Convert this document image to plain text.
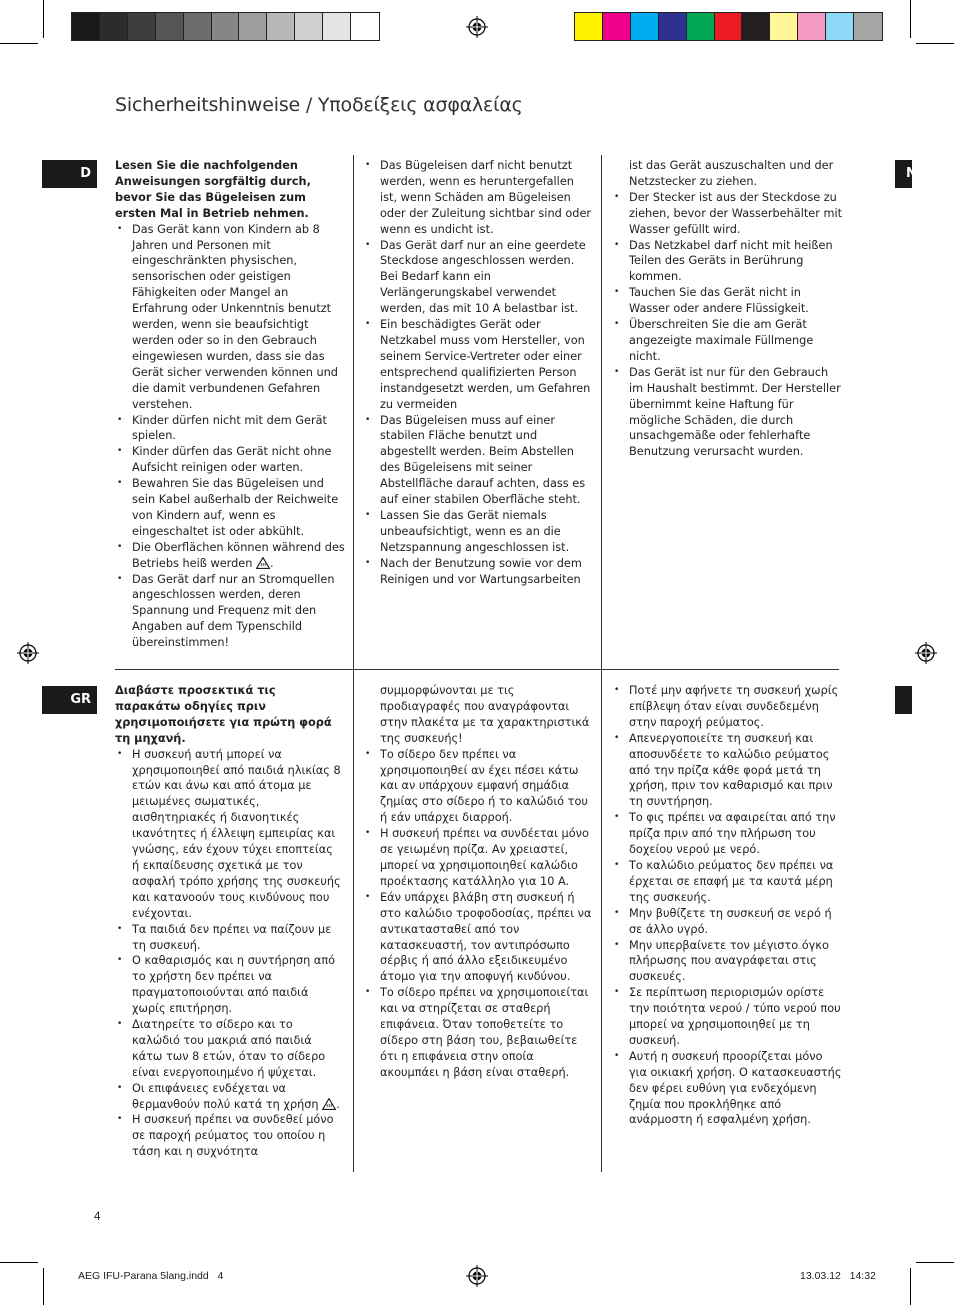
Sicherheitshinweise / Υποδείξεις ασφαλείας
D	N
GR

Lesen Sie die nachfolgenden Anweisungen sorgfältig durch, bevor Sie das Bügeleisen zum ersten Mal in Betrieb nehmen.

• Das Gerät kann von Kindern ab 8 Jahren und Personen mit eingeschränkten physischen, sensorischen oder geistigen Fähigkeiten oder Mangel an Erfahrung oder Unkenntnis benutzt werden, wenn sie beaufsichtigt werden oder so in den Gebrauch eingewiesen wurden, dass sie das Gerät sicher verwenden können und die damit verbundenen Gefahren verstehen.
• Kinder dürfen nicht mit dem Gerät spielen.
• Kinder dürfen das Gerät nicht ohne Aufsicht reinigen oder warten.
• Bewahren Sie das Bügeleisen und sein Kabel außerhalb der Reichweite von Kindern auf, wenn es eingeschaltet ist oder abkühlt.
• Die Oberflächen können während des Betriebs heiß werden .
• Das Gerät darf nur an Stromquellen angeschlossen werden, deren Spannung und Frequenz mit den Angaben auf dem Typenschild übereinstimmen!
• Das Bügeleisen darf nicht benutzt werden, wenn es heruntergefallen ist, wenn Schäden am Bügeleisen oder der Zuleitung sichtbar sind oder wenn es undicht ist.
• Das Gerät darf nur an eine geerdete Steckdose angeschlossen werden. Bei Bedarf kann ein Verlängerungskabel verwendet werden, das mit 10 A belastbar ist.
• Ein beschädigtes Gerät oder Netzkabel muss vom Hersteller, von seinem Service-Vertreter oder einer entsprechend qualifizierten Person instandgesetzt werden, um Gefahren zu vermeiden
• Das Bügeleisen muss auf einer stabilen Fläche benutzt und abgestellt werden. Beim Abstellen des Bügeleisens mit seiner Abstellfläche darauf achten, dass es auf einer stabilen Oberfläche steht.
• Lassen Sie das Gerät niemals unbeaufsichtigt, wenn es an die Netzspannung angeschlossen ist.
• Nach der Benutzung sowie vor dem Reinigen und vor Wartungsarbeiten
ist das Gerät auszuschalten und der Netzstecker zu ziehen.
• Der Stecker ist aus der Steckdose zu ziehen, bevor der Wasserbehälter mit Wasser gefüllt wird.
• Das Netzkabel darf nicht mit heißen Teilen des Geräts in Berührung kommen.
• Tauchen Sie das Gerät nicht in Wasser oder andere Flüssigkeit.
• Überschreiten Sie die am Gerät angezeigte maximale Füllmenge nicht.
• Das Gerät ist nur für den Gebrauch im Haushalt bestimmt. Der Hersteller übernimmt keine Haftung für mögliche Schäden, die durch unsachgemäße oder fehlerhafte Benutzung verursacht wurden.

Διαβάστε προσεκτικά τις παρακάτω οδηγίες πριν χρησιμοποιήσετε για πρώτη φορά τη μηχανή.

• Η συσκευή αυτή μπορεί να χρησιμοποιηθεί από παιδιά ηλικίας 8 ετών και άνω και από άτομα με μειωμένες σωματικές, αισθητηριακές ή διανοητικές ικανότητες ή έλλειψη εμπειρίας και γνώσης, εάν έχουν τύχει εποπτείας ή εκπαίδευσης σχετικά με τον ασφαλή τρόπο χρήσης της συσκευής και κατανοούν τους κινδύνους που ενέχονται.
• Τα παιδιά δεν πρέπει να παίζουν με τη συσκευή.
• Ο καθαρισμός και η συντήρηση από το χρήστη δεν πρέπει να πραγματοποιούνται από παιδιά χωρίς επιτήρηση.
• Διατηρείτε το σίδερο και το καλώδιό του μακριά από παιδιά κάτω των 8 ετών, όταν το σίδερο είναι ενεργοποιημένο ή ψύχεται.
• Οι επιφάνειες ενδέχεται να θερμανθούν πολύ κατά τη χρήση .
• Η συσκευή πρέπει να συνδεθεί μόνο σε παροχή ρεύματος του οποίου η τάση και η συχνότητα
συμμορφώνονται με τις προδιαγραφές που αναγράφονται στην πλακέτα με τα χαρακτηριστικά της συσκευής!
• Το σίδερο δεν πρέπει να χρησιμοποιηθεί αν έχει πέσει κάτω και αν υπάρχουν εμφανή σημάδια ζημίας στο σίδερο ή το καλώδιό του ή εάν υπάρχει διαρροή.
• Η συσκευή πρέπει να συνδέεται μόνο σε γειωμένη πρίζα. Αν χρειαστεί, μπορεί να χρησιμοποιηθεί καλώδιο προέκτασης κατάλληλο για 10 A.
• Εάν υπάρχει βλάβη στη συσκευή ή στο καλώδιο τροφοδοσίας, πρέπει να αντικατασταθεί από τον κατασκευαστή, τον αντιπρόσωπο σέρβις ή από άλλο εξειδικευμένο άτομο για την αποφυγή κινδύνου.
• Το σίδερο πρέπει να χρησιμοποιείται και να στηρίζεται σε σταθερή επιφάνεια. Όταν τοποθετείτε το σίδερο στη βάση του, βεβαιωθείτε ότι η επιφάνεια στην οποία ακουμπάει η βάση είναι σταθερή.
• Ποτέ μην αφήνετε τη συσκευή χωρίς επίβλεψη όταν είναι συνδεδεμένη στην παροχή ρεύματος.
• Απενεργοποιείτε τη συσκευή και αποσυνδέετε το καλώδιο ρεύματος από την πρίζα κάθε φορά μετά τη χρήση, πριν τον καθαρισμό και πριν τη συντήρηση.
• Το φις πρέπει να αφαιρείται από την πρίζα πριν από την πλήρωση του δοχείου νερού με νερό.
• Το καλώδιο ρεύματος δεν πρέπει να έρχεται σε επαφή με τα καυτά μέρη της συσκευής.
• Μην βυθίζετε τη συσκευή σε νερό ή σε άλλο υγρό.
• Μην υπερβαίνετε τον μέγιστο όγκο πλήρωσης που αναγράφεται στις συσκευές.
• Σε περίπτωση περιορισμών ορίστε την ποιότητα νερού / τύπο νερού που μπορεί να χρησιμοποιηθεί με τη συσκευή.
• Αυτή η συσκευή προορίζεται μόνο για οικιακή χρήση. Ο κατασκευαστής δεν φέρει ευθύνη για ενδεχόμενη ζημία που προκλήθηκε από ανάρμοστη ή εσφαλμένη χρήση.
4
AEG IFU-Parana 5lang.indd   4	13.03.12   14:32
